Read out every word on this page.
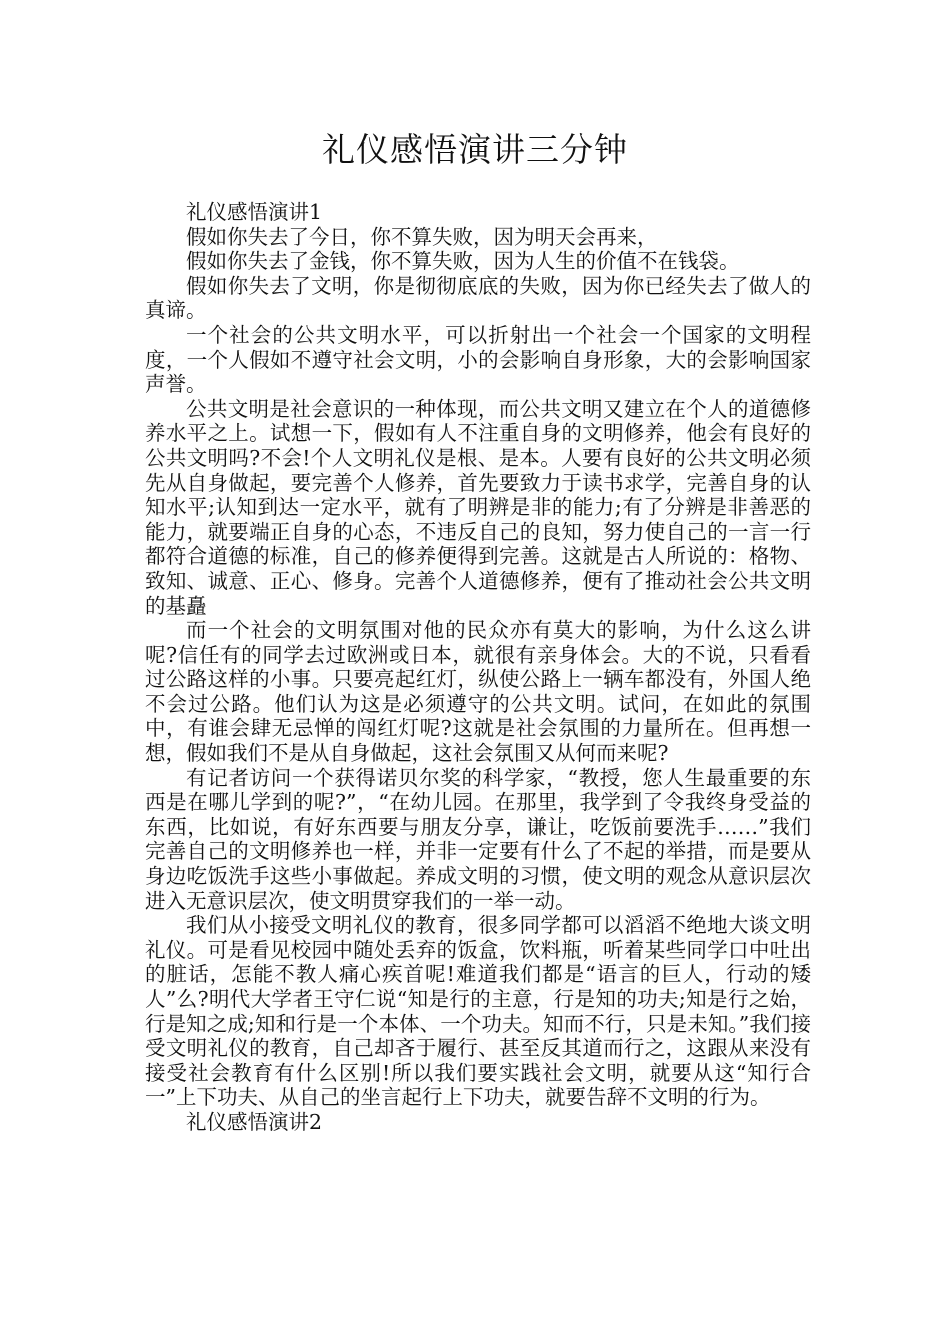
礼仪感悟演讲三分钟

礼仪感悟演讲1

假如你失去了今日，你不算失败，因为明天会再来，

假如你失去了金钱，你不算失败，因为人生的价值不在钱袋。

假如你失去了文明，你是彻彻底底的失败，因为你已经失去了做人的真谛。

一个社会的公共文明水平，可以折射出一个社会一个国家的文明程度，一个人假如不遵守社会文明，小的会影响自身形象，大的会影响国家声誉。

公共文明是社会意识的一种体现，而公共文明又建立在个人的道德修养水平之上。试想一下，假如有人不注重自身的文明修养，他会有良好的公共文明吗?不会!个人文明礼仪是根、是本。人要有良好的公共文明必须先从自身做起，要完善个人修养，首先要致力于读书求学，完善自身的认知水平;认知到达一定水平，就有了明辨是非的能力;有了分辨是非善恶的能力，就要端正自身的心态，不违反自己的良知，努力使自己的一言一行都符合道德的标准，自己的修养便得到完善。这就是古人所说的：格物、致知、诚意、正心、修身。完善个人道德修养，便有了推动社会公共文明的基矗

而一个社会的文明氛围对他的民众亦有莫大的影响，为什么这么讲呢?信任有的同学去过欧洲或日本，就很有亲身体会。大的不说，只看看过公路这样的小事。只要亮起红灯，纵使公路上一辆车都没有，外国人绝不会过公路。他们认为这是必须遵守的公共文明。试问，在如此的氛围中，有谁会肆无忌惮的闯红灯呢?这就是社会氛围的力量所在。但再想一想，假如我们不是从自身做起，这社会氛围又从何而来呢?

有记者访问一个获得诺贝尔奖的科学家，“教授，您人生最重要的东西是在哪儿学到的呢?”，“在幼儿园。在那里，我学到了令我终身受益的东西，比如说，有好东西要与朋友分享，谦让，吃饭前要洗手……”我们完善自己的文明修养也一样，并非一定要有什么了不起的举措，而是要从身边吃饭洗手这些小事做起。养成文明的习惯，使文明的观念从意识层次进入无意识层次，使文明贯穿我们的一举一动。

我们从小接受文明礼仪的教育，很多同学都可以滔滔不绝地大谈文明礼仪。可是看见校园中随处丢弃的饭盒，饮料瓶，听着某些同学口中吐出的脏话，怎能不教人痛心疾首呢!难道我们都是“语言的巨人，行动的矮人”么?明代大学者王守仁说“知是行的主意，行是知的功夫;知是行之始，行是知之成;知和行是一个本体、一个功夫。知而不行，只是未知。”我们接受文明礼仪的教育，自己却吝于履行、甚至反其道而行之，这跟从来没有接受社会教育有什么区别!所以我们要实践社会文明，就要从这“知行合一”上下功夫、从自己的坐言起行上下功夫，就要告辞不文明的行为。

礼仪感悟演讲2
